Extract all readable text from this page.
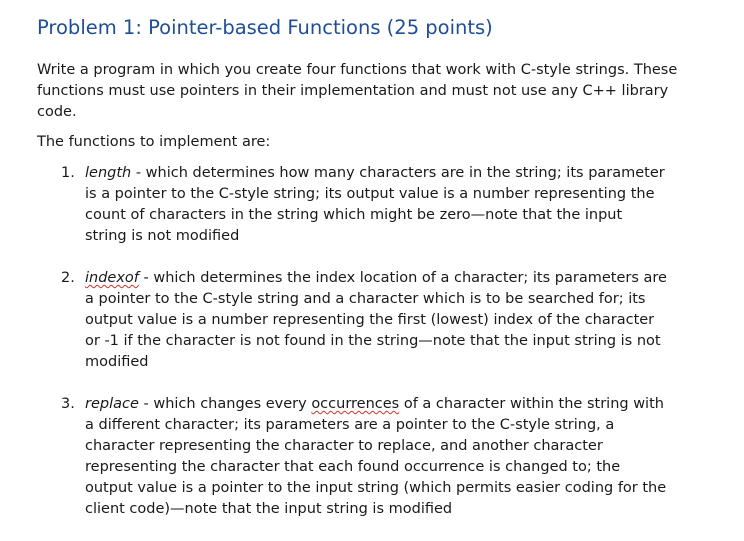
Problem 1: Pointer-based Functions (25 points)

Write a program in which you create four functions that work with C-style strings. These functions must use pointers in their implementation and must not use any C++ library code.

The functions to implement are:

1. length - which determines how many characters are in the string; its parameter is a pointer to the C-style string; its output value is a number representing the count of characters in the string which might be zero—note that the input string is not modified
2. indexof - which determines the index location of a character; its parameters are a pointer to the C-style string and a character which is to be searched for; its output value is a number representing the first (lowest) index of the character or -1 if the character is not found in the string—note that the input string is not modified
3. replace - which changes every occurrences of a character within the string with a different character; its parameters are a pointer to the C-style string, a character representing the character to replace, and another character representing the character that each found occurrence is changed to; the output value is a pointer to the input string (which permits easier coding for the client code)—note that the input string is modified
